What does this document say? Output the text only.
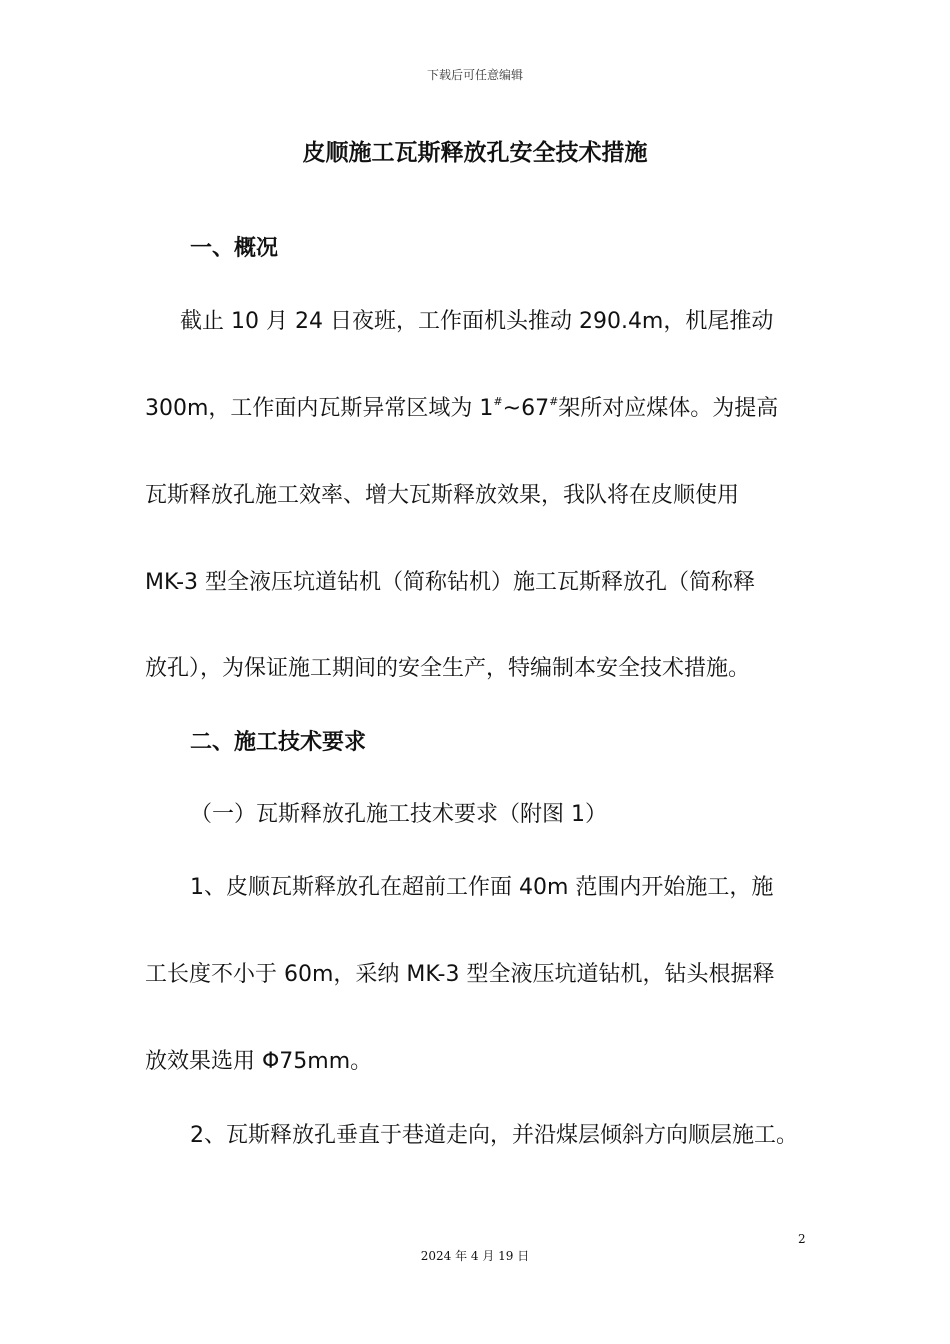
下载后可任意编辑
皮顺施工瓦斯释放孔安全技术措施
一、概况
截止 10 月 24 日夜班，工作面机头推动 290.4m，机尾推动
300m，工作面内瓦斯异常区域为 1#~67#架所对应煤体。为提高
瓦斯释放孔施工效率、增大瓦斯释放效果，我队将在皮顺使用
MK-3 型全液压坑道钻机（简称钻机）施工瓦斯释放孔（简称释
放孔），为保证施工期间的安全生产，特编制本安全技术措施。
二、施工技术要求
（一）瓦斯释放孔施工技术要求（附图 1）
1、皮顺瓦斯释放孔在超前工作面 40m 范围内开始施工，施
工长度不小于 60m，采纳 MK-3 型全液压坑道钻机，钻头根据释
放效果选用 Φ75mm。
2、瓦斯释放孔垂直于巷道走向，并沿煤层倾斜方向顺层施工。
2
2024 年 4 月 19 日
